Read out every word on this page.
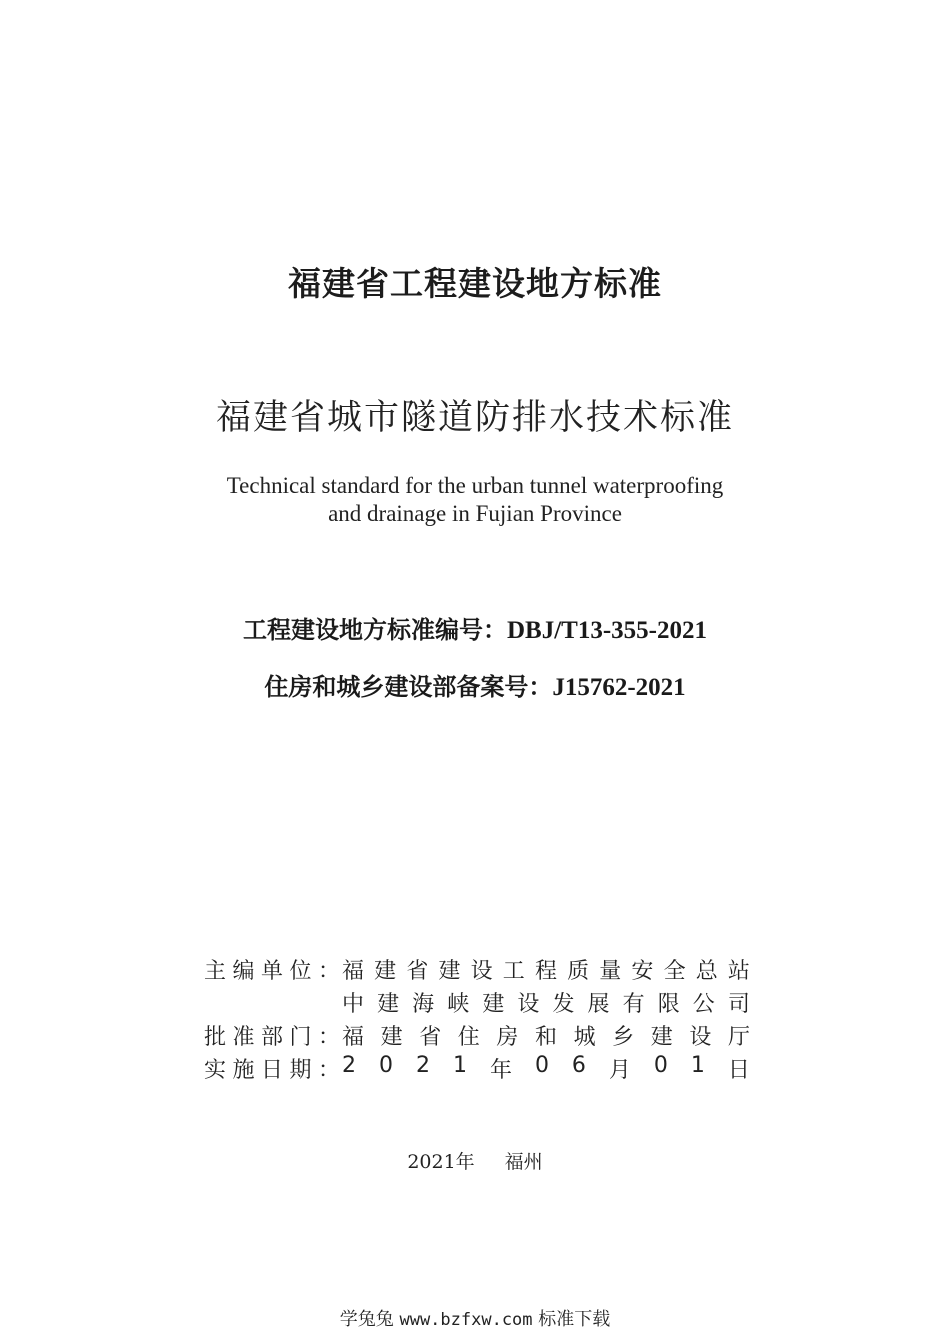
福建省工程建设地方标准
福建省城市隧道防排水技术标准
Technical standard for the urban tunnel waterproofing
and drainage in Fujian Province
工程建设地方标准编号：DBJ/T13-355-2021
住房和城乡建设部备案号：J15762-2021
主 编 单 位 ： 福 建 省 建 设 工 程 质 量 安 全 总 站
中 建 海 峡 建 设 发 展 有 限 公 司
批 准 部 门 ： 福 建 省 住 房 和 城 乡 建 设 厅
实 施 日 期 ： 2 0 2 1 年 0 6 月 0 1 日
2021年 福州
学兔兔 www.bzfxw.com 标准下载
